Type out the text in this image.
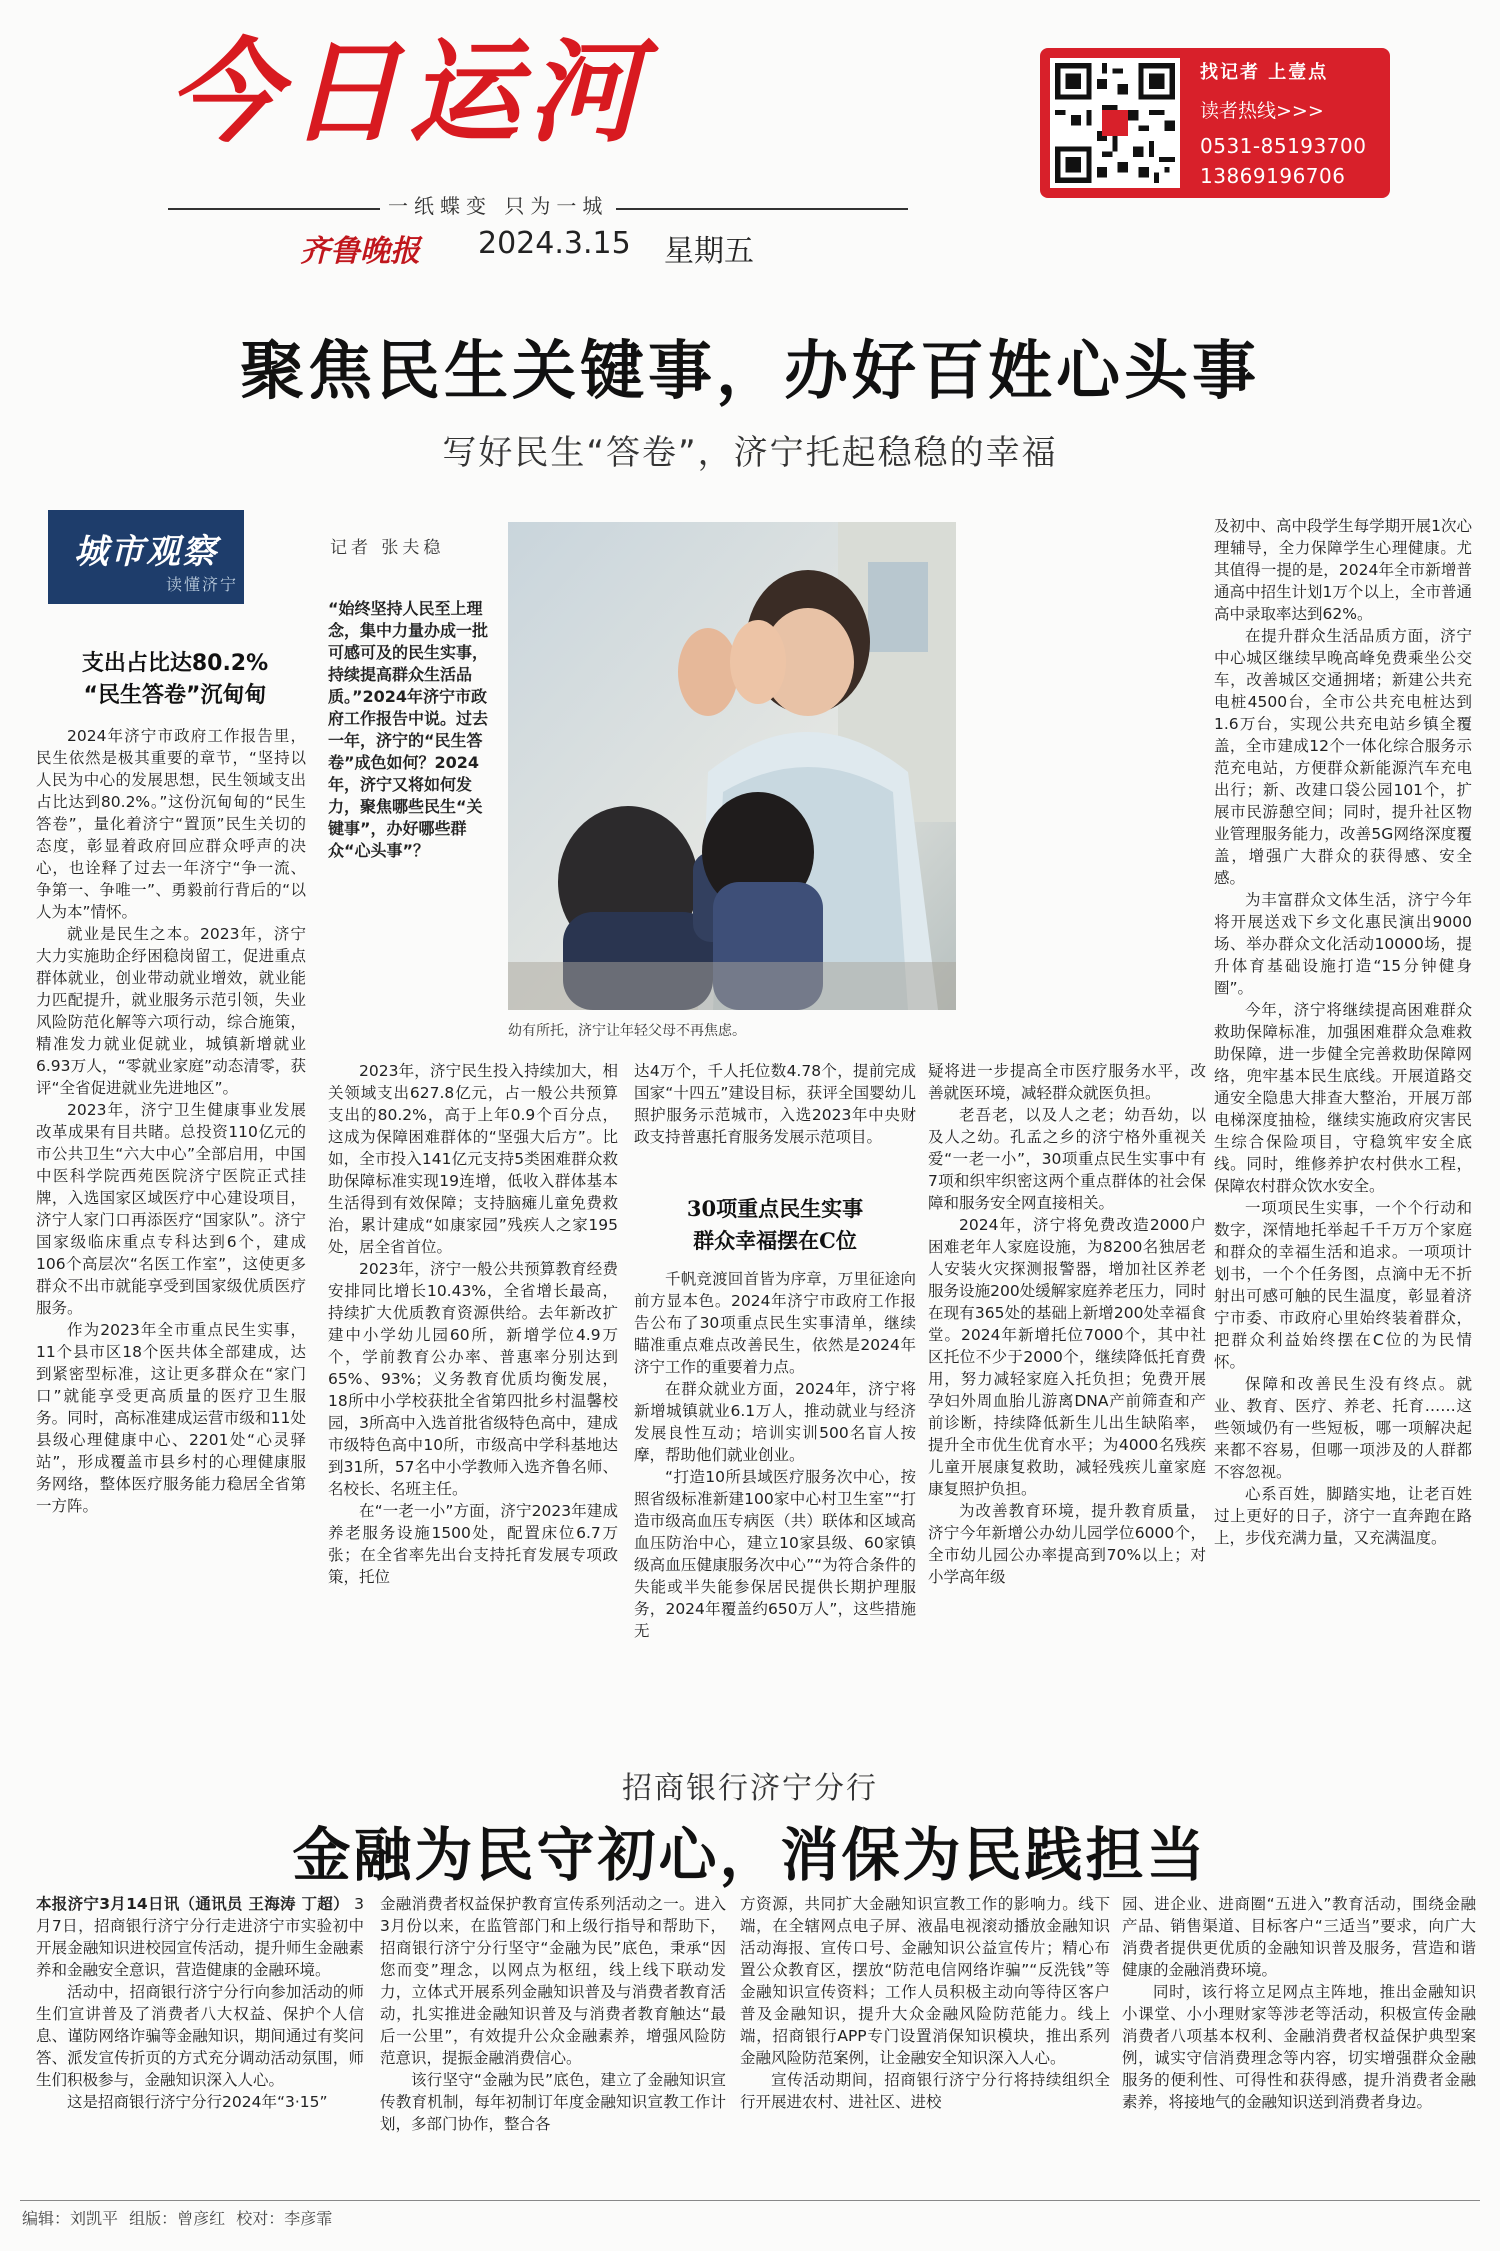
今日运河
一纸蝶变 只为一城
齐鲁晚报 2024.3.15 星期五
找记者 上壹点
读者热线>>>
0531-85193700
13869196706
聚焦民生关键事，办好百姓心头事
写好民生“答卷”，济宁托起稳稳的幸福
城市观察
读懂济宁
支出占比达80.2%
“民生答卷”沉甸甸
记者 张夫稳
“始终坚持人民至上理念，集中力量办成一批可感可及的民生实事，持续提高群众生活品质。”2024年济宁市政府工作报告中说。过去一年，济宁的“民生答卷”成色如何？2024年，济宁又将如何发力，聚焦哪些民生“关键事”，办好哪些群众“心头事”？
幼有所托，济宁让年轻父母不再焦虑。

2024年济宁市政府工作报告里，民生依然是极其重要的章节，“坚持以人民为中心的发展思想，民生领域支出占比达到80.2%。”这份沉甸甸的“民生答卷”，量化着济宁“置顶”民生关切的态度，彰显着政府回应群众呼声的决心，也诠释了过去一年济宁“争一流、争第一、争唯一”、勇毅前行背后的“以人为本”情怀。

就业是民生之本。2023年，济宁大力实施助企纾困稳岗留工，促进重点群体就业，创业带动就业增效，就业能力匹配提升，就业服务示范引领，失业风险防范化解等六项行动，综合施策，精准发力就业促就业，城镇新增就业6.93万人，“零就业家庭”动态清零，获评“全省促进就业先进地区”。

2023年，济宁卫生健康事业发展改革成果有目共睹。总投资110亿元的市公共卫生“六大中心”全部启用，中国中医科学院西苑医院济宁医院正式挂牌，入选国家区域医疗中心建设项目，济宁人家门口再添医疗“国家队”。济宁国家级临床重点专科达到6个，建成106个高层次“名医工作室”，这使更多群众不出市就能享受到国家级优质医疗服务。

作为2023年全市重点民生实事，11个县市区18个医共体全部建成，达到紧密型标准，这让更多群众在“家门口”就能享受更高质量的医疗卫生服务。同时，高标准建成运营市级和11处县级心理健康中心、2201处“心灵驿站”，形成覆盖市县乡村的心理健康服务网络，整体医疗服务能力稳居全省第一方阵。

2023年，济宁民生投入持续加大，相关领域支出627.8亿元，占一般公共预算支出的80.2%，高于上年0.9个百分点，这成为保障困难群体的“坚强大后方”。比如，全市投入141亿元支持5类困难群众救助保障标准实现19连增，低收入群体基本生活得到有效保障；支持脑瘫儿童免费救治，累计建成“如康家园”残疾人之家195处，居全省首位。

2023年，济宁一般公共预算教育经费安排同比增长10.43%，全省增长最高，持续扩大优质教育资源供给。去年新改扩建中小学幼儿园60所，新增学位4.9万个，学前教育公办率、普惠率分别达到65%、93%；义务教育优质均衡发展，18所中小学校获批全省第四批乡村温馨校园，3所高中入选首批省级特色高中，建成市级特色高中10所，市级高中学科基地达到31所，57名中小学教师入选齐鲁名师、名校长、名班主任。

在“一老一小”方面，济宁2023年建成养老服务设施1500处，配置床位6.7万张；在全省率先出台支持托育发展专项政策，托位

达4万个，千人托位数4.78个，提前完成国家“十四五”建设目标，获评全国婴幼儿照护服务示范城市，入选2023年中央财政支持普惠托育服务发展示范项目。

30项重点民生实事
群众幸福摆在C位

千帆竞渡回首皆为序章，万里征途向前方显本色。2024年济宁市政府工作报告公布了30项重点民生实事清单，继续瞄准重点难点改善民生，依然是2024年济宁工作的重要着力点。

在群众就业方面，2024年，济宁将新增城镇就业6.1万人，推动就业与经济发展良性互动；培训实训500名盲人按摩，帮助他们就业创业。

“打造10所县域医疗服务次中心，按照省级标准新建100家中心村卫生室”“打造市级高血压专病医（共）联体和区域高血压防治中心，建立10家县级、60家镇级高血压健康服务次中心”“为符合条件的失能或半失能参保居民提供长期护理服务，2024年覆盖约650万人”，这些措施无

疑将进一步提高全市医疗服务水平，改善就医环境，减轻群众就医负担。

老吾老，以及人之老；幼吾幼，以及人之幼。孔孟之乡的济宁格外重视关爱“一老一小”，30项重点民生实事中有7项和织牢织密这两个重点群体的社会保障和服务安全网直接相关。

2024年，济宁将免费改造2000户困难老年人家庭设施，为8200名独居老人安装火灾探测报警器，增加社区养老服务设施200处缓解家庭养老压力，同时在现有365处的基础上新增200处幸福食堂。2024年新增托位7000个，其中社区托位不少于2000个，继续降低托育费用，努力减轻家庭入托负担；免费开展孕妇外周血胎儿游离DNA产前筛查和产前诊断，持续降低新生儿出生缺陷率，提升全市优生优育水平；为4000名残疾儿童开展康复救助，减轻残疾儿童家庭康复照护负担。

为改善教育环境，提升教育质量，济宁今年新增公办幼儿园学位6000个，全市幼儿园公办率提高到70%以上；对小学高年级

及初中、高中段学生每学期开展1次心理辅导，全力保障学生心理健康。尤其值得一提的是，2024年全市新增普通高中招生计划1万个以上，全市普通高中录取率达到62%。

在提升群众生活品质方面，济宁中心城区继续早晚高峰免费乘坐公交车，改善城区交通拥堵；新建公共充电桩4500台，全市公共充电桩达到1.6万台，实现公共充电站乡镇全覆盖，全市建成12个一体化综合服务示范充电站，方便群众新能源汽车充电出行；新、改建口袋公园101个，扩展市民游憩空间；同时，提升社区物业管理服务能力，改善5G网络深度覆盖，增强广大群众的获得感、安全感。

为丰富群众文体生活，济宁今年将开展送戏下乡文化惠民演出9000场、举办群众文化活动10000场，提升体育基础设施打造“15分钟健身圈”。

今年，济宁将继续提高困难群众救助保障标准，加强困难群众急难救助保障，进一步健全完善救助保障网络，兜牢基本民生底线。开展道路交通安全隐患大排查大整治，开展万部电梯深度抽检，继续实施政府灾害民生综合保险项目，守稳筑牢安全底线。同时，维修养护农村供水工程，保障农村群众饮水安全。

一项项民生实事，一个个行动和数字，深情地托举起千千万万个家庭和群众的幸福生活和追求。一项项计划书，一个个任务图，点滴中无不折射出可感可触的民生温度，彰显着济宁市委、市政府心里始终装着群众，把群众利益始终摆在C位的为民情怀。

保障和改善民生没有终点。就业、教育、医疗、养老、托育……这些领域仍有一些短板，哪一项解决起来都不容易，但哪一项涉及的人群都不容忽视。

心系百姓，脚踏实地，让老百姓过上更好的日子，济宁一直奔跑在路上，步伐充满力量，又充满温度。

招商银行济宁分行
金融为民守初心，消保为民践担当

本报济宁3月14日讯（通讯员 王海涛 丁超） 3月7日，招商银行济宁分行走进济宁市实验初中开展金融知识进校园宣传活动，提升师生金融素养和金融安全意识，营造健康的金融环境。

活动中，招商银行济宁分行向参加活动的师生们宣讲普及了消费者八大权益、保护个人信息、谨防网络诈骗等金融知识，期间通过有奖问答、派发宣传折页的方式充分调动活动氛围，师生们积极参与，金融知识深入人心。

这是招商银行济宁分行2024年“3·15”

金融消费者权益保护教育宣传系列活动之一。进入3月份以来，在监管部门和上级行指导和帮助下，招商银行济宁分行坚守“金融为民”底色，秉承“因您而变”理念，以网点为枢纽，线上线下联动发力，立体式开展系列金融知识普及与消费者教育活动，扎实推进金融知识普及与消费者教育触达“最后一公里”，有效提升公众金融素养，增强风险防范意识，提振金融消费信心。

该行坚守“金融为民”底色，建立了金融知识宣传教育机制，每年初制订年度金融知识宣教工作计划，多部门协作，整合各

方资源，共同扩大金融知识宣教工作的影响力。线下端，在全辖网点电子屏、液晶电视滚动播放金融知识活动海报、宣传口号、金融知识公益宣传片；精心布置公众教育区，摆放“防范电信网络诈骗”“反洗钱”等金融知识宣传资料；工作人员积极主动向等待区客户普及金融知识，提升大众金融风险防范能力。线上端，招商银行APP专门设置消保知识模块，推出系列金融风险防范案例，让金融安全知识深入人心。

宣传活动期间，招商银行济宁分行将持续组织全行开展进农村、进社区、进校

园、进企业、进商圈“五进入”教育活动，围绕金融产品、销售渠道、目标客户“三适当”要求，向广大消费者提供更优质的金融知识普及服务，营造和谐健康的金融消费环境。

同时，该行将立足网点主阵地，推出金融知识小课堂、小小理财家等涉老等活动，积极宣传金融消费者八项基本权利、金融消费者权益保护典型案例，诚实守信消费理念等内容，切实增强群众金融服务的便利性、可得性和获得感，提升消费者金融素养，将接地气的金融知识送到消费者身边。

编辑：刘凯平 组版：曾彦红 校对：李彦霏
